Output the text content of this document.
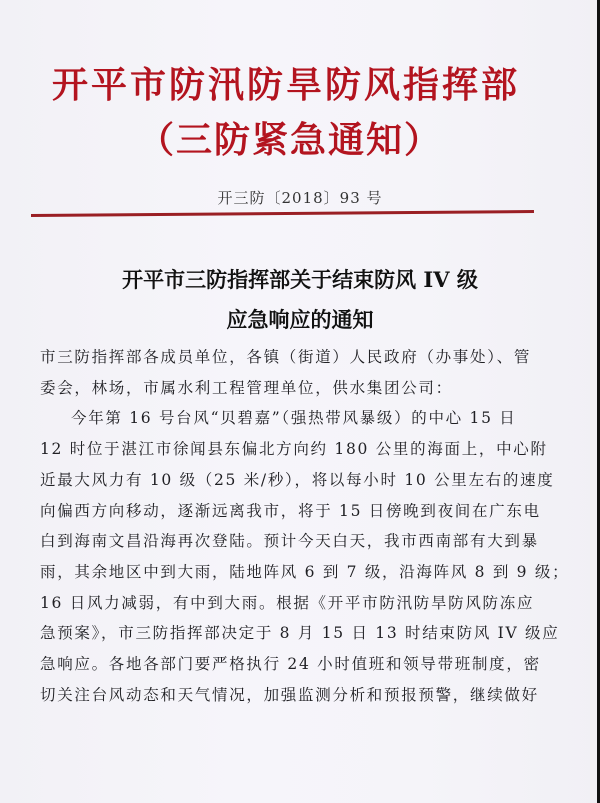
开平市防汛防旱防风指挥部
（三防紧急通知）
开三防〔2018〕93 号
开平市三防指挥部关于结束防风 IV 级
应急响应的通知

市三防指挥部各成员单位，各镇（街道）人民政府（办事处）、管
委会，林场，市属水利工程管理单位，供水集团公司：

今年第 16 号台风“贝碧嘉”（强热带风暴级）的中心 15 日
12 时位于湛江市徐闻县东偏北方向约 180 公里的海面上，中心附
近最大风力有 10 级（25 米/秒），将以每小时 10 公里左右的速度
向偏西方向移动，逐渐远离我市，将于 15 日傍晚到夜间在广东电
白到海南文昌沿海再次登陆。预计今天白天，我市西南部有大到暴
雨，其余地区中到大雨，陆地阵风 6 到 7 级，沿海阵风 8 到 9 级；
16 日风力减弱，有中到大雨。根据《开平市防汛防旱防风防冻应
急预案》，市三防指挥部决定于 8 月 15 日 13 时结束防风 IV 级应
急响应。各地各部门要严格执行 24 小时值班和领导带班制度，密
切关注台风动态和天气情况，加强监测分析和预报预警，继续做好
